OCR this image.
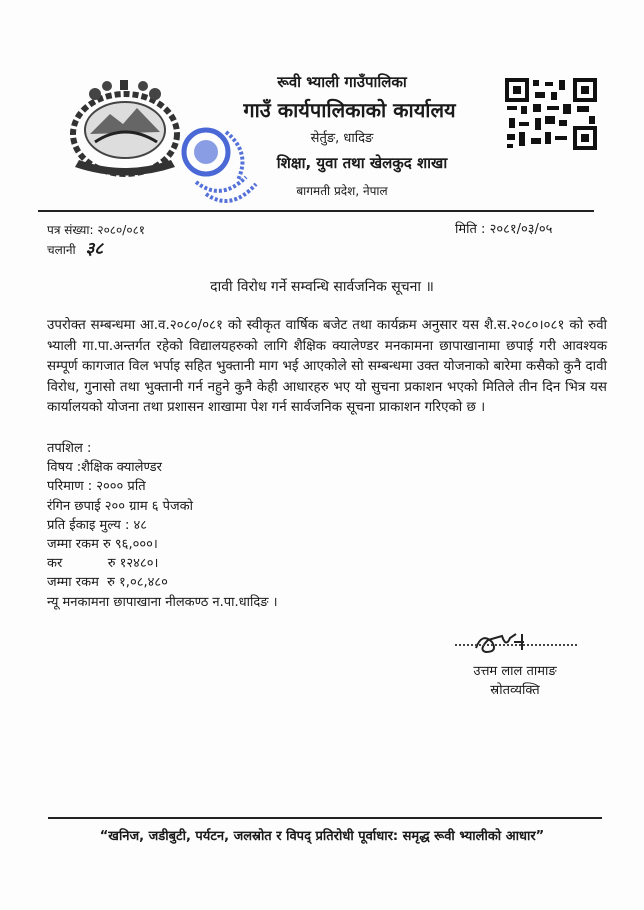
रूवी भ्याली गाउँपालिका
गाउँ कार्यपालिकाको कार्यालय
सेर्तुङ, धादिङ
शिक्षा, युवा तथा खेलकुद शाखा
बागमती प्रदेश, नेपाल
पत्र संख्या: २०८०/०८१
चलानी ३८
मिति : २०८१/०३/०५
दावी विरोध गर्ने सम्वन्धि सार्वजनिक सूचना ॥
उपरोक्त सम्बन्धमा आ.व.२०८०/०८१ को स्वीकृत वार्षिक बजेट तथा कार्यक्रम अनुसार यस शै.स.२०८०।०८१ को रुवी भ्याली गा.पा.अन्तर्गत रहेको विद्यालयहरुको लागि शैक्षिक क्यालेण्डर मनकामना छापाखानामा छपाई गरी आवश्यक सम्पूर्ण कागजात विल भर्पाइ सहित भुक्तानी माग भई आएकोले सो सम्बन्धमा उक्त योजनाको बारेमा कसैको कुनै दावी विरोध, गुनासो तथा भुक्तानी गर्न नहुने कुनै केही आधारहरु भए यो सुचना प्रकाशन भएको मितिले तीन दिन भित्र यस कार्यालयको योजना तथा प्रशासन शाखामा पेश गर्न सार्वजनिक सूचना प्राकाशन गरिएको छ ।
तपशिल :
विषय :शैक्षिक क्यालेण्डर
परिमाण : २००० प्रति
रंगिन छपाई २०० ग्राम ६ पेजको
प्रति ईकाइ मुल्य : ४८
जम्मा रकम रु ९६,०००।
कर           रु १२४८०।
जम्मा रकम  रु १,०८,४८०
न्यू मनकामना छापाखाना नीलकण्ठ न.पा.धादिङ ।
उत्तम लाल तामाङ
स्रोतव्यक्ति
“खनिज, जडीबुटी, पर्यटन, जलस्रोत र विपद् प्रतिरोधी पूर्वाधार: समृद्ध रूवी भ्यालीको आधार”
